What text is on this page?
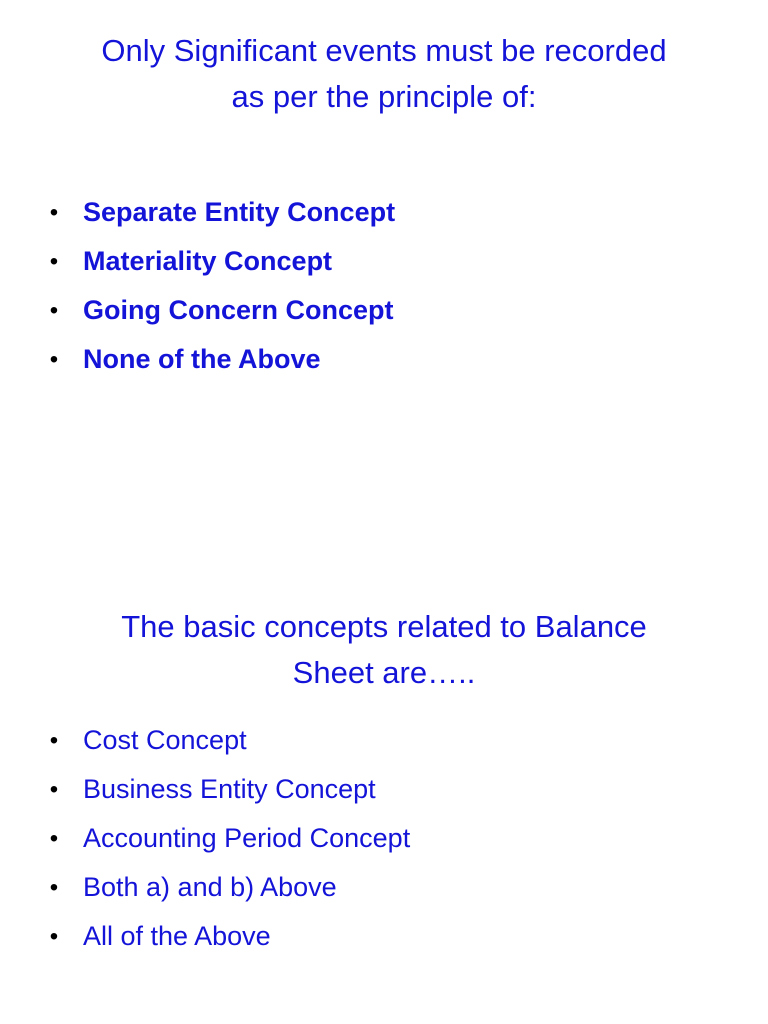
Only Significant events must be recorded
as per the principle of:
• Separate Entity Concept
• Materiality Concept
• Going Concern Concept
• None of the Above
The basic concepts related to Balance
Sheet are…..
• Cost Concept
• Business Entity Concept
• Accounting Period Concept
• Both a) and b) Above
• All of the Above
